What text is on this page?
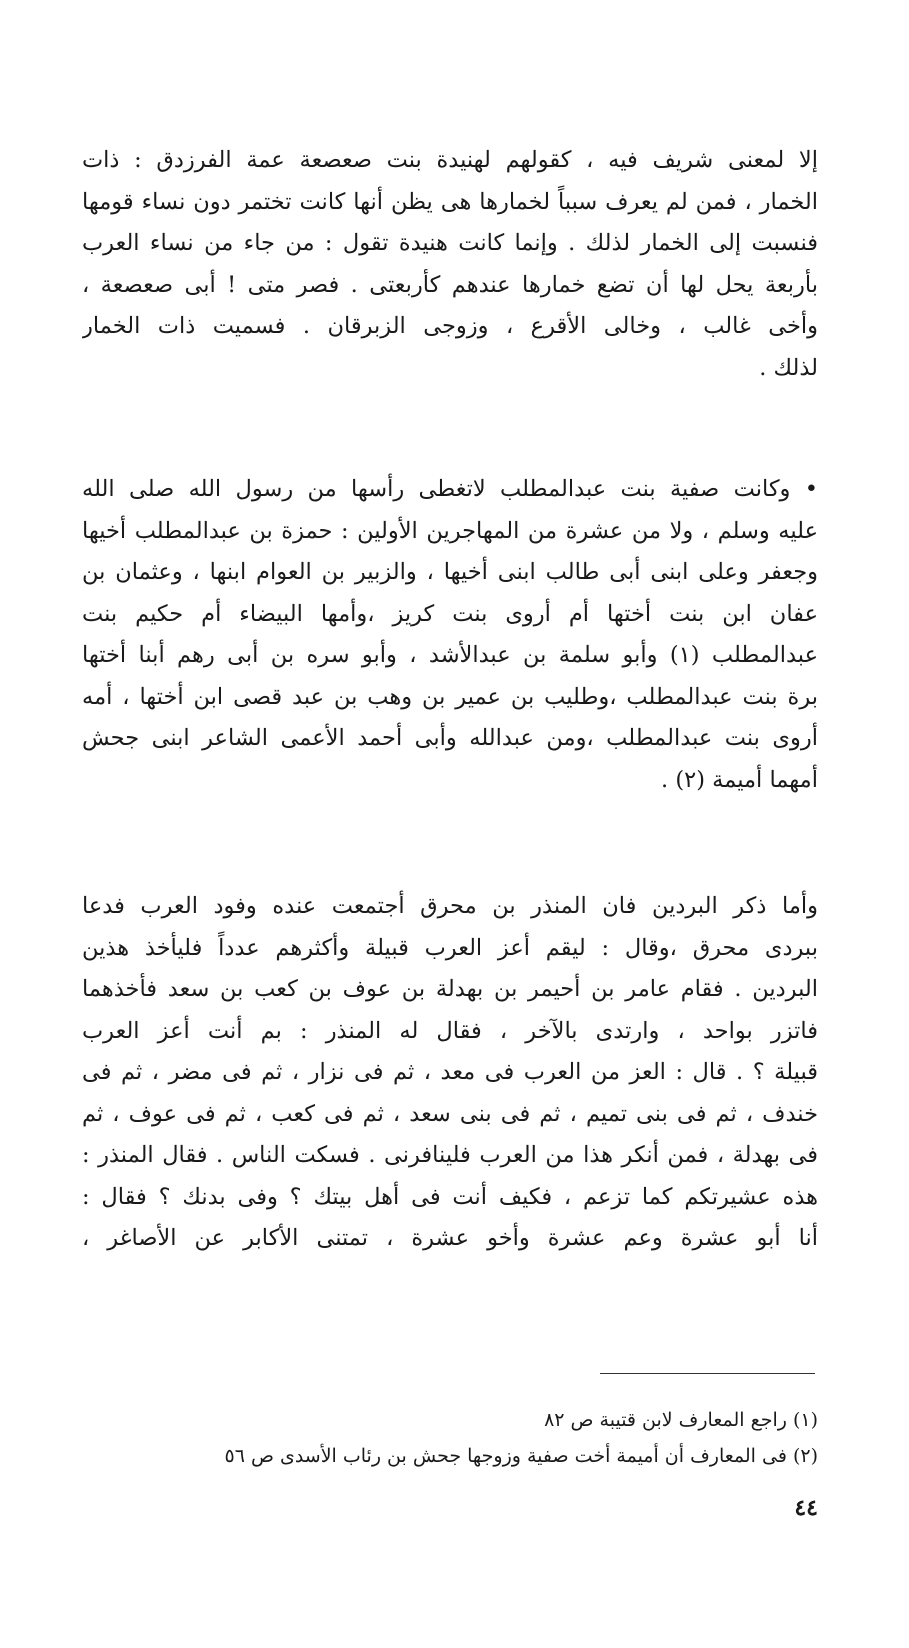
إلا لمعنى شريف فيه ، كقولهم لهنيدة بنت صعصعة عمة الفرزدق : ذات
الخمار ، فمن لم يعرف سبباً لخمارها هى يظن أنها كانت تختمر دون نساء قومها
فنسبت إلى الخمار لذلك . وإنما كانت هنيدة تقول : من جاء من نساء العرب
بأربعة يحل لها أن تضع خمارها عندهم كأربعتى . فصر متى ! أبى صعصعة ،
وأخى غالب ، وخالى الأقرع ، وزوجى الزبرقان . فسميت ذات الخمار
لذلك .
• وكانت صفية بنت عبدالمطلب لاتغطى رأسها من رسول الله صلى الله
عليه وسلم ، ولا من عشرة من المهاجرين الأولين : حمزة بن عبدالمطلب أخيها
وجعفر وعلى ابنى أبى طالب ابنى أخيها ، والزبير بن العوام ابنها ، وعثمان بن
عفان ابن بنت أختها أم أروى بنت كريز ،وأمها البيضاء أم حكيم بنت
عبدالمطلب (١) وأبو سلمة بن عبدالأشد ، وأبو سره بن أبى رهم أبنا أختها
برة بنت عبدالمطلب ،وطليب بن عمير بن وهب بن عبد قصى ابن أختها ، أمه
أروى بنت عبدالمطلب ،ومن عبدالله وأبى أحمد الأعمى الشاعر ابنى جحش
أمهما أميمة (٢) .
وأما ذكر البردين فان المنذر بن محرق أجتمعت عنده وفود العرب فدعا
ببردى محرق ،وقال : ليقم أعز العرب قبيلة وأكثرهم عدداً فليأخذ هذين
البردين . فقام عامر بن أحيمر بن بهدلة بن عوف بن كعب بن سعد فأخذهما
فاتزر بواحد ، وارتدى بالآخر ، فقال له المنذر : بم أنت أعز العرب
قبيلة ؟ . قال : العز من العرب فى معد ، ثم فى نزار ، ثم فى مضر ، ثم فى
خندف ، ثم فى بنى تميم ، ثم فى بنى سعد ، ثم فى كعب ، ثم فى عوف ، ثم
فى بهدلة ، فمن أنكر هذا من العرب فلينافرنى . فسكت الناس . فقال المنذر :
هذه عشيرتكم كما تزعم ، فكيف أنت فى أهل بيتك ؟ وفى بدنك ؟ فقال :
أنا أبو عشرة وعم عشرة وأخو عشرة ، تمتنى الأكابر عن الأصاغر ،
(١) راجع المعارف لابن قتيبة ص ٨٢
(٢) فى المعارف أن أميمة أخت صفية وزوجها جحش بن رئاب الأسدى ص ٥٦
٤٤
